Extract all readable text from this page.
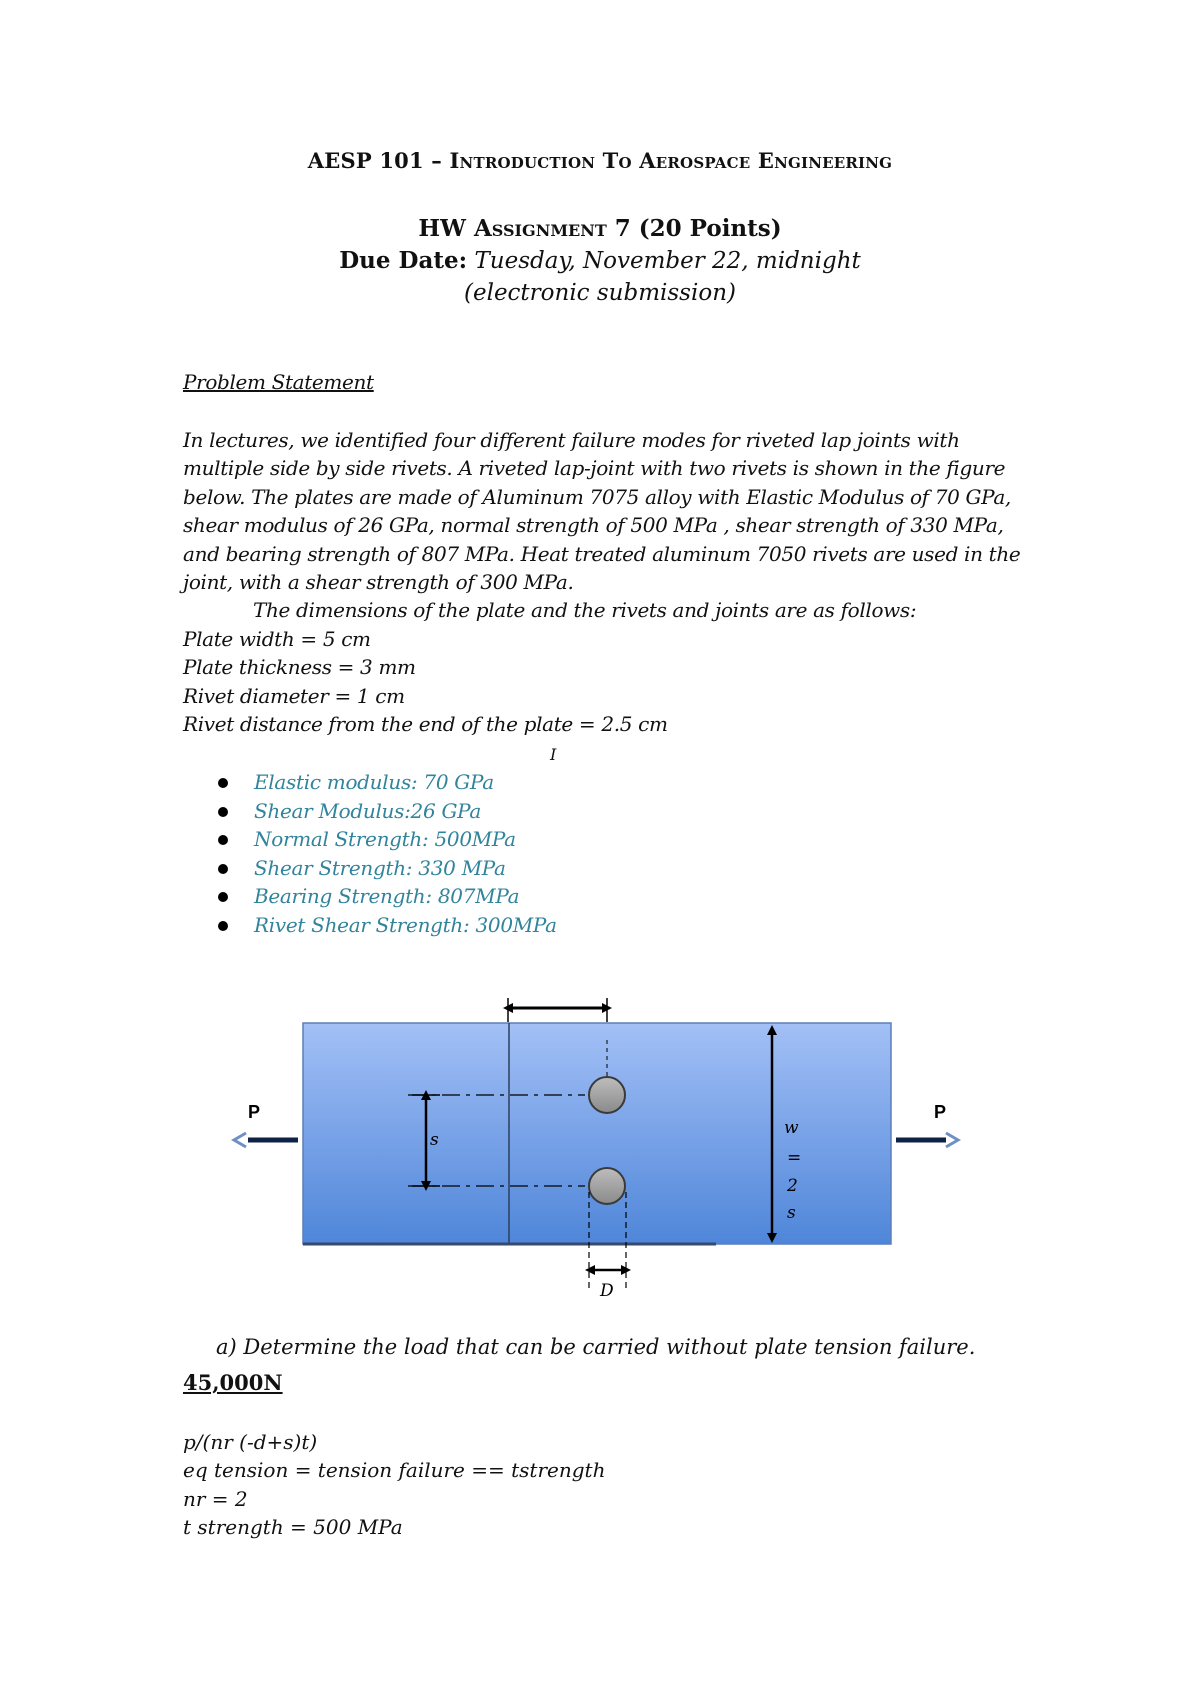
AESP 101 – Introduction To Aerospace Engineering
HW Assignment 7 (20 Points)
Due Date: Tuesday, November 22, midnight
(electronic submission)
Problem Statement
In lectures, we identified four different failure modes for riveted lap joints with multiple side by side rivets. A riveted lap-joint with two rivets is shown in the figure below. The plates are made of Aluminum 7075 alloy with Elastic Modulus of 70 GPa, shear modulus of 26 GPa, normal strength of 500 MPa , shear strength of 330 MPa, and bearing strength of 807 MPa. Heat treated aluminum 7050 rivets are used in the joint, with a shear strength of 300 MPa.
The dimensions of the plate and the rivets and joints are as follows:
Plate width = 5 cm
Plate thickness = 3 mm
Rivet diameter = 1 cm
Rivet distance from the end of the plate = 2.5 cm
I
Elastic modulus: 70 GPa
Shear Modulus:26 GPa
Normal Strength: 500MPa
Shear Strength: 330 MPa
Bearing Strength: 807MPa
Rivet Shear Strength: 300MPa
s
D
w
=
2
s
P	P
a) Determine the load that can be carried without plate tension failure.
45,000N
p/(nr (-d+s)t)
eq tension = tension failure == tstrength
nr = 2
t strength = 500 MPa
